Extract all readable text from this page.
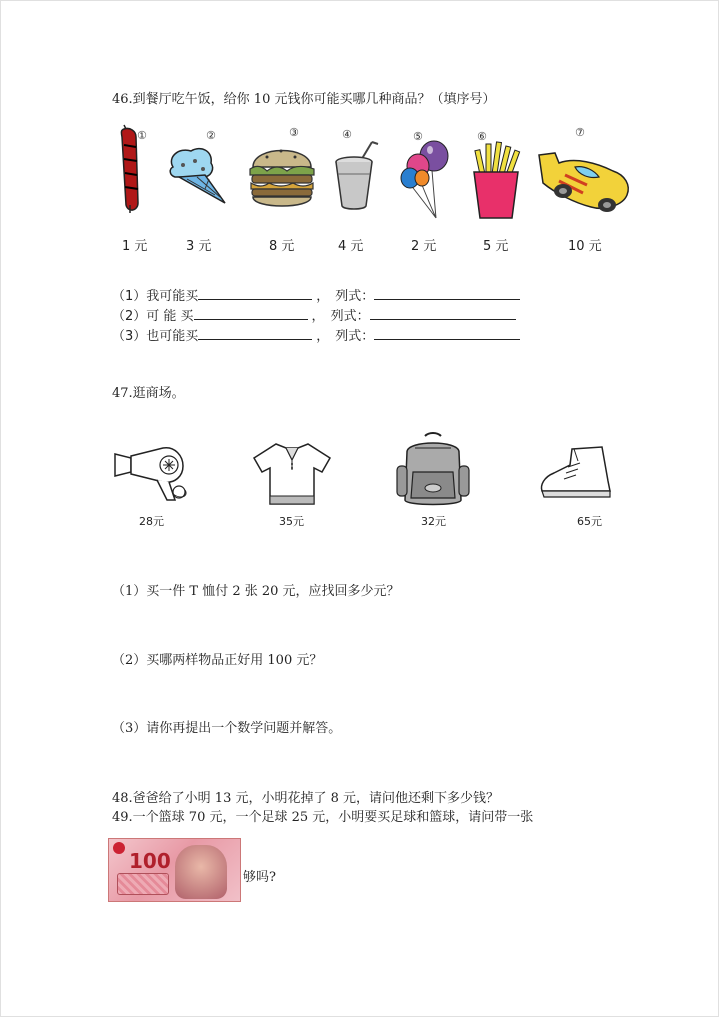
46.到餐厅吃午饭，给你 10 元钱你可能买哪几种商品？（填序号）
①	②	③	④	⑤	⑥	⑦
1 元	3 元	8 元	4 元	2 元	5 元	10 元
（1）我可能买	， 列式：
（2）可 能 买	， 列式：
（3）也可能买	， 列式：
47.逛商场。
28元	35元	32元	65元
（1）买一件 T 恤付 2 张 20 元，应找回多少元？
（2）买哪两样物品正好用 100 元？
（3）请你再提出一个数学问题并解答。
48.爸爸给了小明 13 元，小明花掉了 8 元，请问他还剩下多少钱？
49.一个篮球 70 元，一个足球 25 元，小明要买足球和篮球，请问带一张
100
够吗?
